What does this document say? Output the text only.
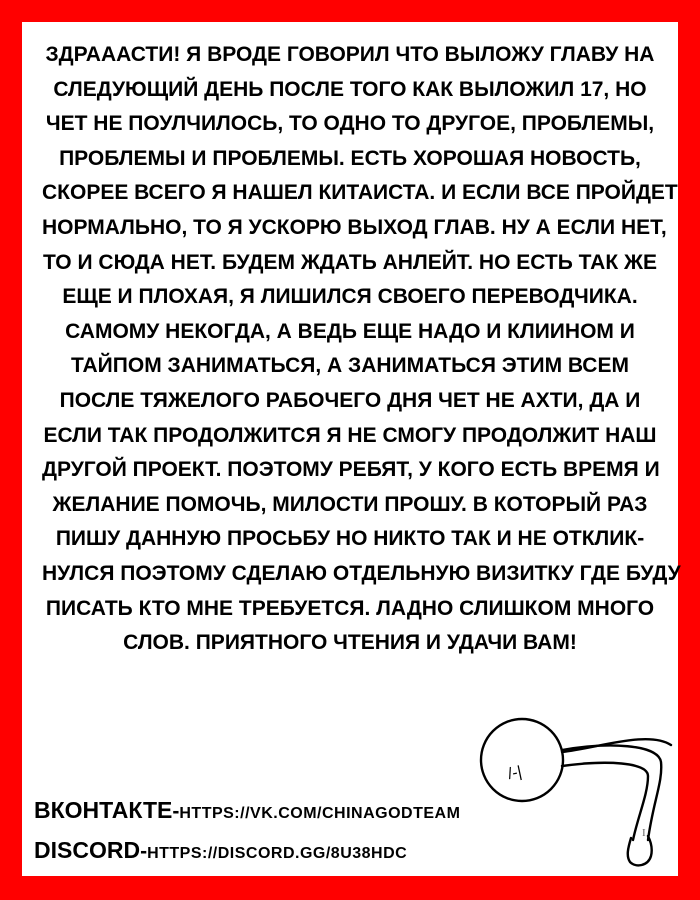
ЗДРАААСТИ! Я ВРОДЕ ГОВОРИЛ ЧТО ВЫЛОЖУ ГЛАВУ НА
СЛЕДУЮЩИЙ ДЕНЬ ПОСЛЕ ТОГО КАК ВЫЛОЖИЛ 17, НО
ЧЕТ НЕ ПОУЛЧИЛОСЬ, ТО ОДНО ТО ДРУГОЕ, ПРОБЛЕМЫ,
ПРОБЛЕМЫ И ПРОБЛЕМЫ. ЕСТЬ ХОРОШАЯ НОВОСТЬ,
СКОРЕЕ ВСЕГО Я НАШЕЛ КИТАИСТА. И ЕСЛИ ВСЕ ПРОЙДЕТ
НОРМАЛЬНО, ТО Я УСКОРЮ ВЫХОД ГЛАВ. НУ А ЕСЛИ НЕТ,
ТО И СЮДА НЕТ. БУДЕМ ЖДАТЬ АНЛЕЙТ. НО ЕСТЬ ТАК ЖЕ
ЕЩЕ И ПЛОХАЯ, Я ЛИШИЛСЯ СВОЕГО ПЕРЕВОДЧИКА.
САМОМУ НЕКОГДА, А ВЕДЬ ЕЩЕ НАДО И КЛИИНОМ И
ТАЙПОМ ЗАНИМАТЬСЯ, А ЗАНИМАТЬСЯ ЭТИМ ВСЕМ
ПОСЛЕ ТЯЖЕЛОГО РАБОЧЕГО ДНЯ ЧЕТ НЕ АХТИ, ДА И
ЕСЛИ ТАК ПРОДОЛЖИТСЯ Я НЕ СМОГУ ПРОДОЛЖИТ НАШ
ДРУГОЙ ПРОЕКТ. ПОЭТОМУ РЕБЯТ, У КОГО ЕСТЬ ВРЕМЯ И
ЖЕЛАНИЕ ПОМОЧЬ, МИЛОСТИ ПРОШУ. В КОТОРЫЙ РАЗ
ПИШУ ДАННУЮ ПРОСЬБУ НО НИКТО ТАК И НЕ ОТКЛИК-
НУЛСЯ ПОЭТОМУ СДЕЛАЮ ОТДЕЛЬНУЮ ВИЗИТКУ ГДЕ БУДУ
ПИСАТЬ КТО МНЕ ТРЕБУЕТСЯ. ЛАДНО СЛИШКОМ МНОГО
СЛОВ. ПРИЯТНОГО ЧТЕНИЯ И УДАЧИ ВАМ!

ВКОНТАКТЕ-HTTPS://VK.COM/CHINAGODTEAM
DISCORD-HTTPS://DISCORD.GG/8U38HDC
/-|
I
